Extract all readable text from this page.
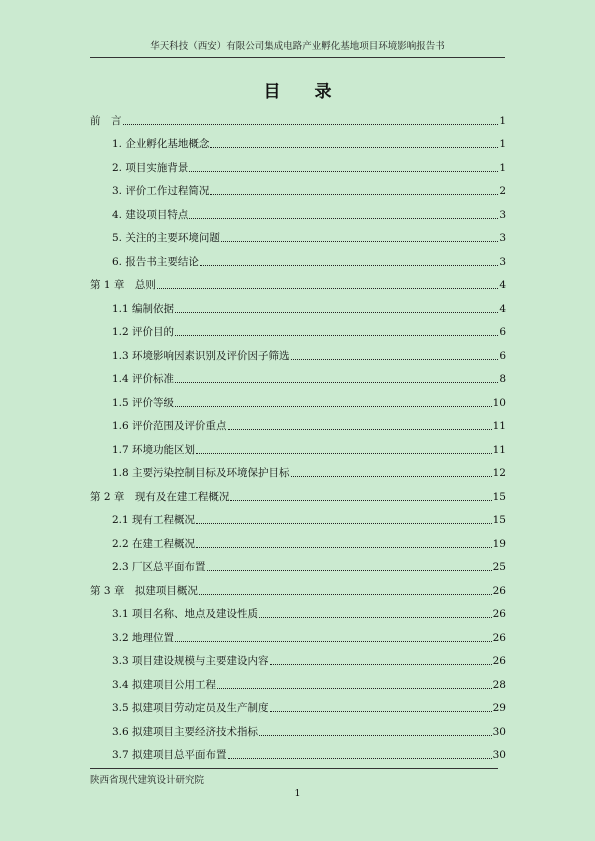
华天科技（西安）有限公司集成电路产业孵化基地项目环境影响报告书
目 录
前　言	1
1. 企业孵化基地概念	1
2. 项目实施背景	1
3. 评价工作过程简况	2
4. 建设项目特点	3
5. 关注的主要环境问题	3
6. 报告书主要结论	3
第 1 章　总则	4
1.1 编制依据	4
1.2 评价目的	6
1.3 环境影响因素识别及评价因子筛选	6
1.4 评价标准	8
1.5 评价等级	10
1.6 评价范围及评价重点	11
1.7 环境功能区划	11
1.8 主要污染控制目标及环境保护目标	12
第 2 章　现有及在建工程概况	15
2.1 现有工程概况	15
2.2 在建工程概况	19
2.3 厂区总平面布置	25
第 3 章　拟建项目概况	26
3.1 项目名称、地点及建设性质	26
3.2 地理位置	26
3.3 项目建设规模与主要建设内容	26
3.4 拟建项目公用工程	28
3.5 拟建项目劳动定员及生产制度	29
3.6 拟建项目主要经济技术指标	30
3.7 拟建项目总平面布置	30
陕西省现代建筑设计研究院
1
